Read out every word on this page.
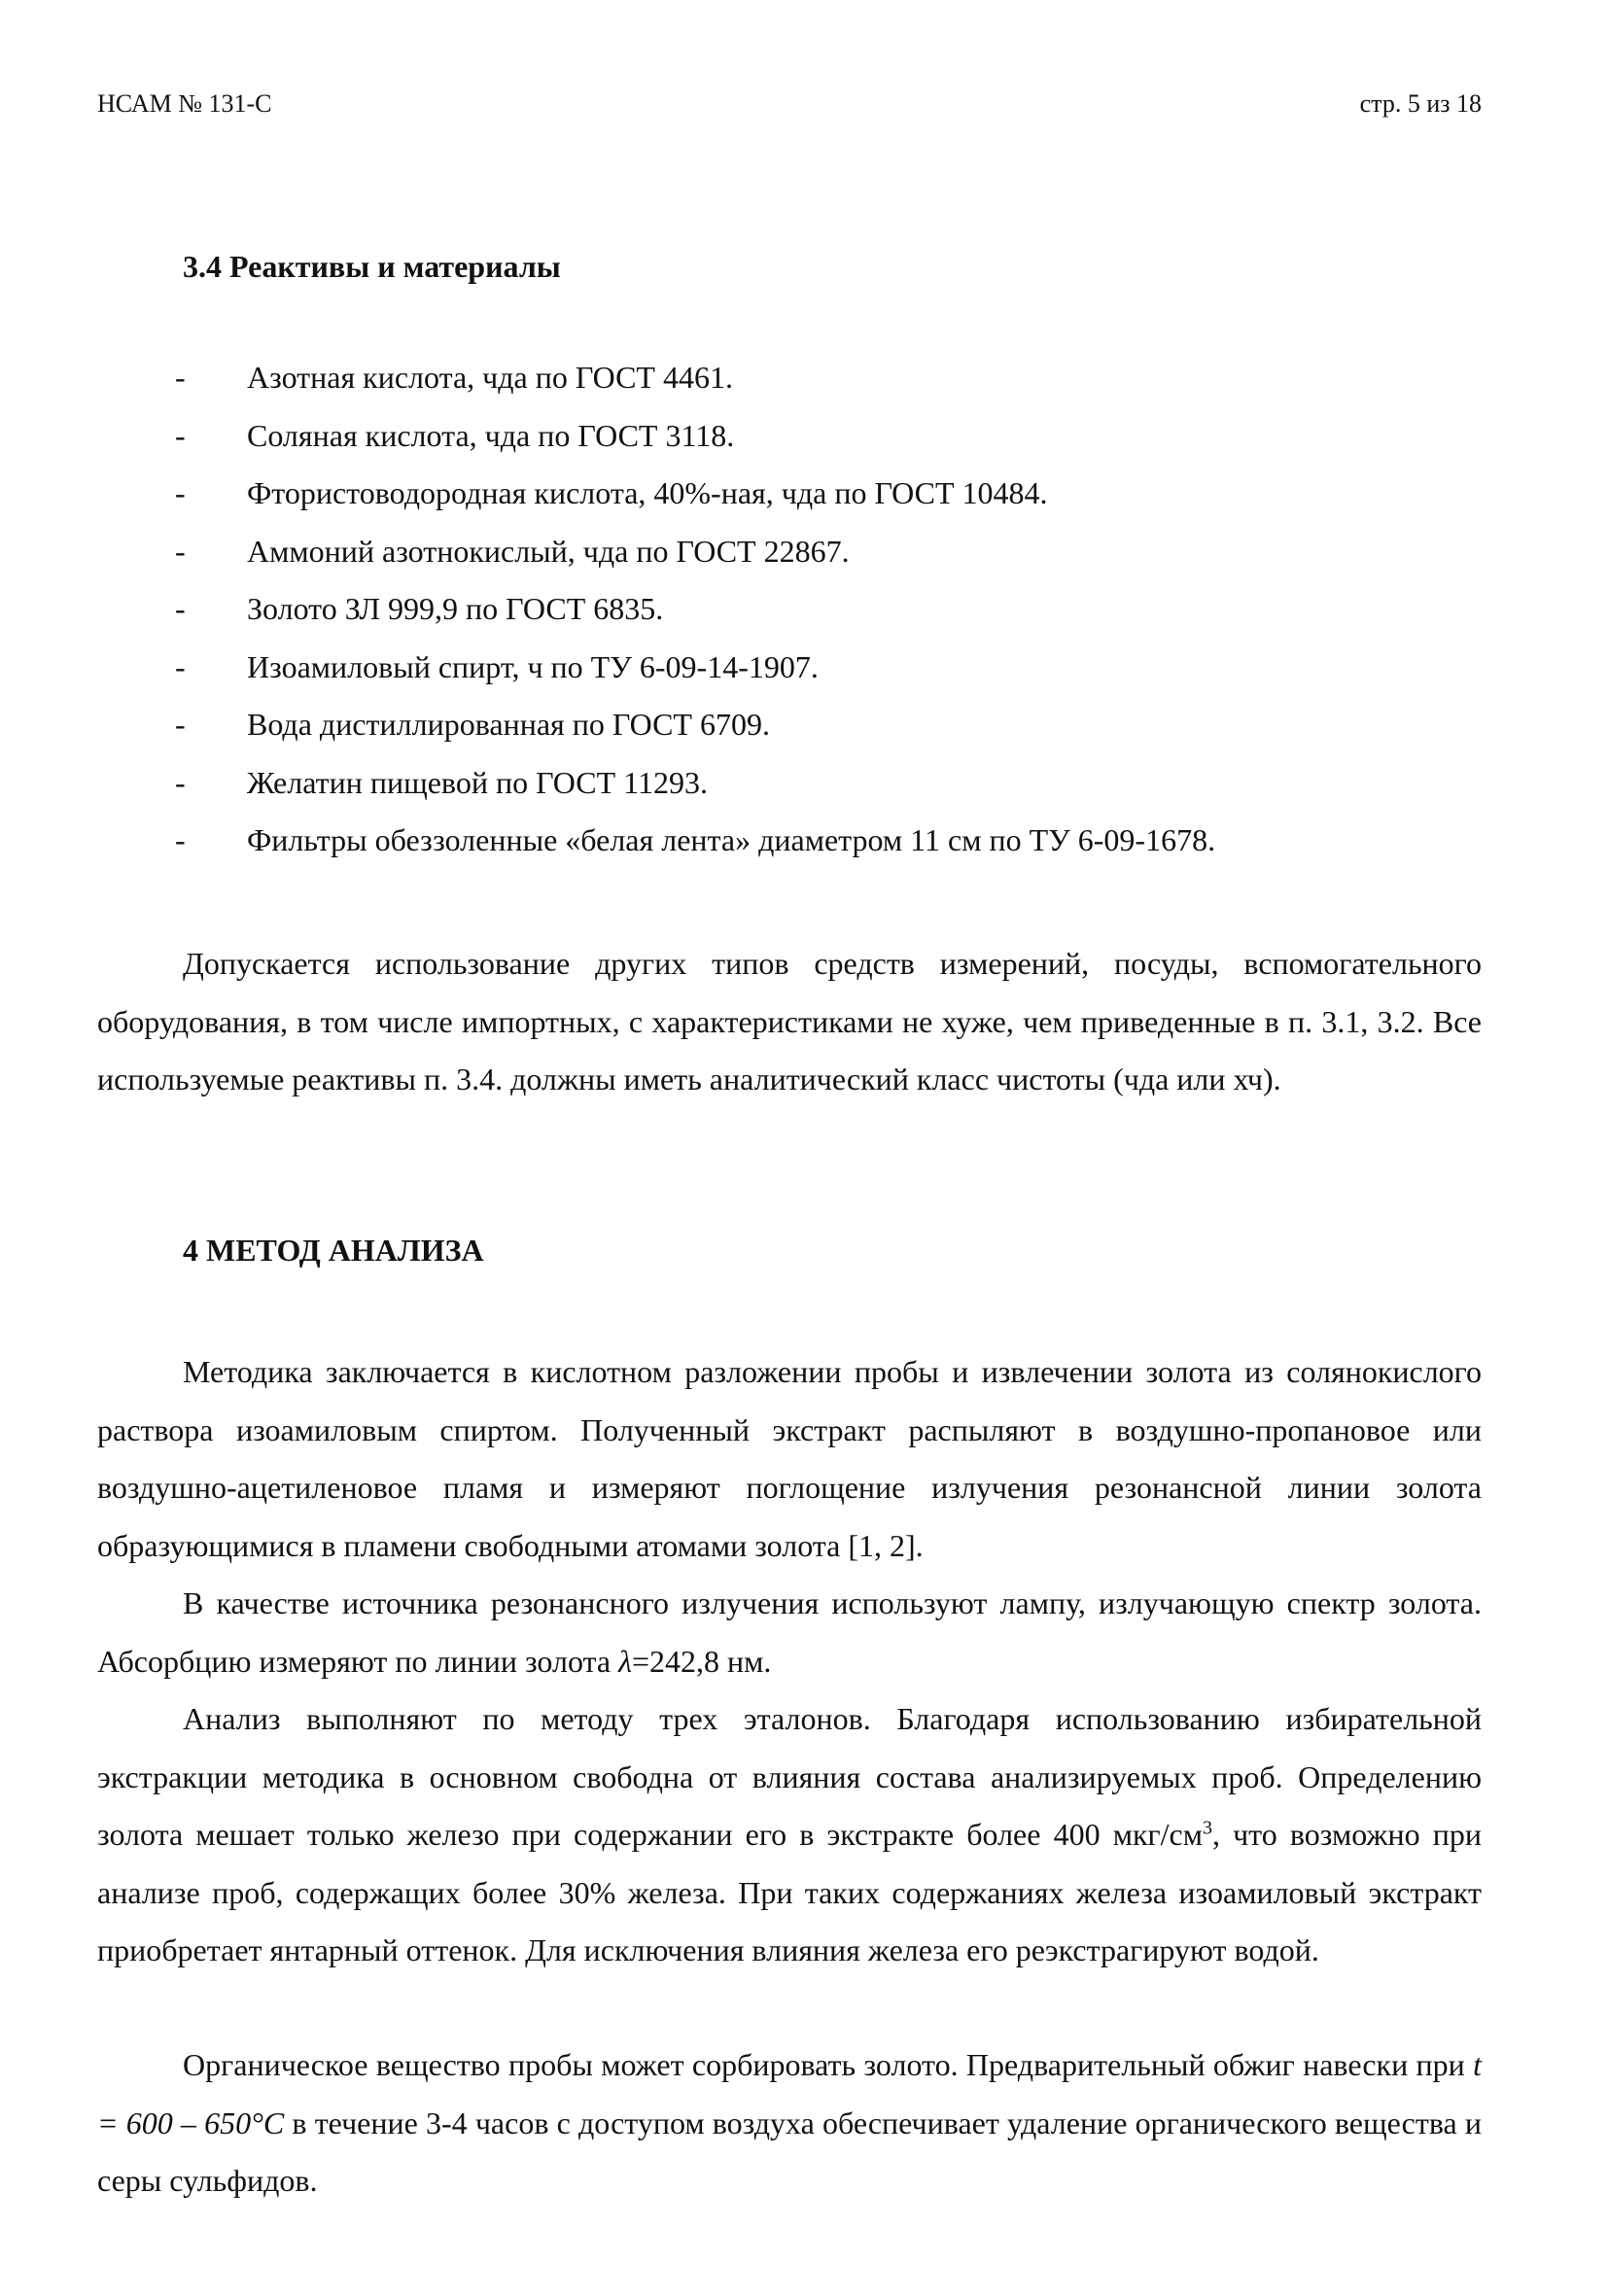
НСАМ № 131-С	стр. 5 из 18
3.4 Реактивы и материалы
- Азотная кислота, чда по ГОСТ 4461.
- Соляная кислота, чда по ГОСТ 3118.
- Фтористоводородная кислота, 40%-ная, чда по ГОСТ 10484.
- Аммоний азотнокислый, чда по ГОСТ 22867.
- Золото ЗЛ 999,9 по ГОСТ 6835.
- Изоамиловый спирт, ч по ТУ 6-09-14-1907.
- Вода дистиллированная по ГОСТ 6709.
- Желатин пищевой по ГОСТ 11293.
- Фильтры обеззоленные «белая лента» диаметром 11 см по ТУ 6-09-1678.

Допускается использование других типов средств измерений, посуды, вспомогательного оборудования, в том числе импортных, с характеристиками не хуже, чем приведенные в п. 3.1, 3.2. Все используемые реактивы п. 3.4. должны иметь аналитический класс чистоты (чда или хч).

4 МЕТОД АНАЛИЗА

Методика заключается в кислотном разложении пробы и извлечении золота из солянокислого раствора изоамиловым спиртом. Полученный экстракт распыляют в воздушно-пропановое или воздушно-ацетиленовое пламя и измеряют поглощение излучения резонансной линии золота образующимися в пламени свободными атомами золота [1, 2].

В качестве источника резонансного излучения используют лампу, излучающую спектр золота. Абсорбцию измеряют по линии золота λ=242,8 нм.

Анализ выполняют по методу трех эталонов. Благодаря использованию избирательной экстракции методика в основном свободна от влияния состава анализируемых проб. Определению золота мешает только железо при содержании его в экстракте более 400 мкг/$см^3$, что возможно при анализе проб, содержащих более 30% железа. При таких содержаниях железа изоамиловый экстракт приобретает янтарный оттенок. Для исключения влияния железа его реэкстрагируют водой.

Органическое вещество пробы может сорбировать золото. Предварительный обжиг навески при t = 600 – 650°C в течение 3-4 часов с доступом воздуха обеспечивает удаление органического вещества и серы сульфидов.
